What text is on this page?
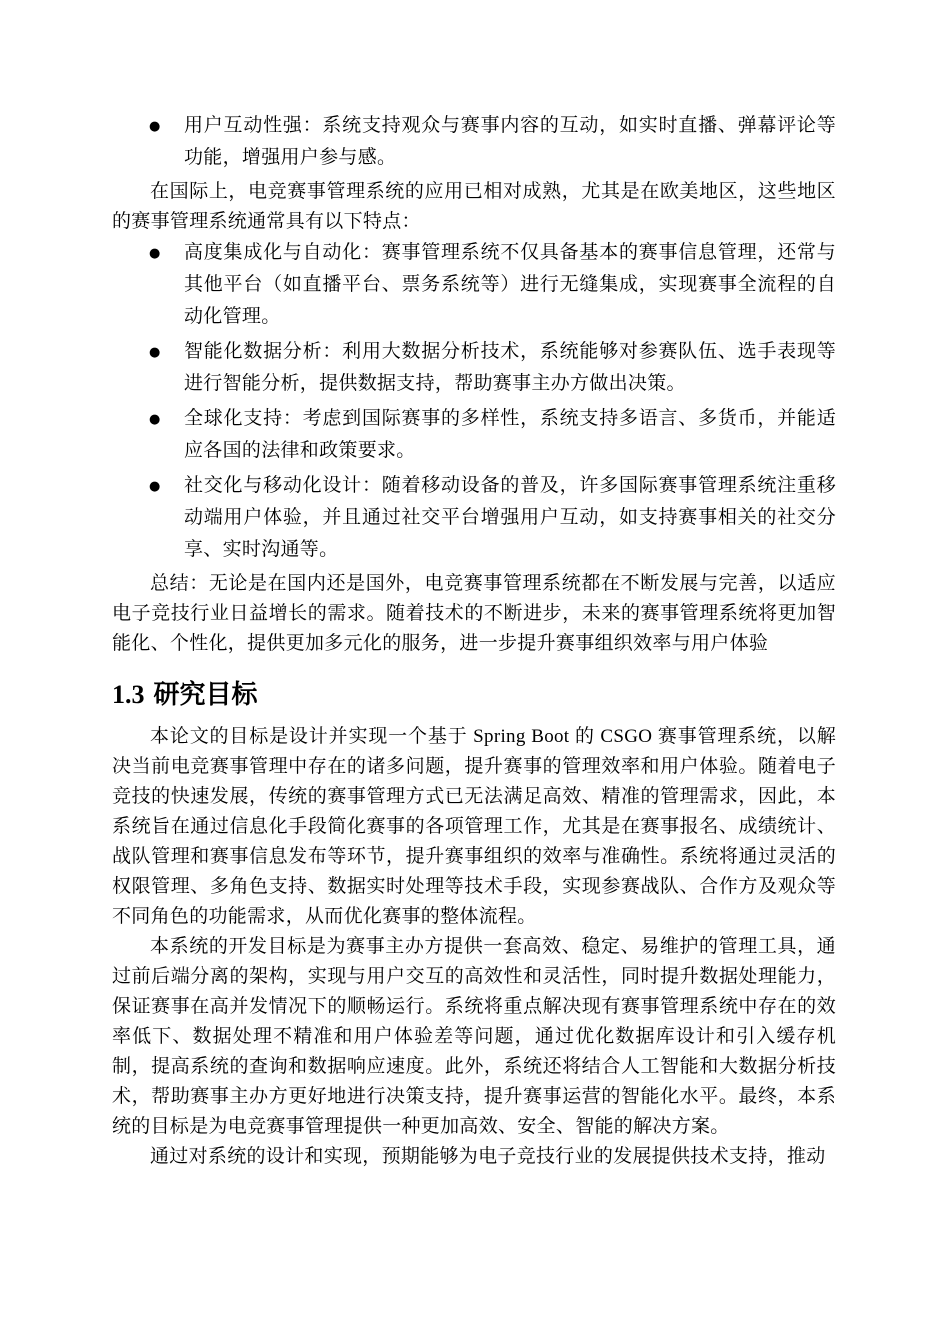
● 用户互动性强：系统支持观众与赛事内容的互动，如实时直播、弹幕评论等功能，增强用户参与感。

在国际上，电竞赛事管理系统的应用已相对成熟，尤其是在欧美地区，这些地区的赛事管理系统通常具有以下特点：

● 高度集成化与自动化：赛事管理系统不仅具备基本的赛事信息管理，还常与其他平台（如直播平台、票务系统等）进行无缝集成，实现赛事全流程的自动化管理。
● 智能化数据分析：利用大数据分析技术，系统能够对参赛队伍、选手表现等进行智能分析，提供数据支持，帮助赛事主办方做出决策。
● 全球化支持：考虑到国际赛事的多样性，系统支持多语言、多货币，并能适应各国的法律和政策要求。
● 社交化与移动化设计：随着移动设备的普及，许多国际赛事管理系统注重移动端用户体验，并且通过社交平台增强用户互动，如支持赛事相关的社交分享、实时沟通等。

总结：无论是在国内还是国外，电竞赛事管理系统都在不断发展与完善，以适应电子竞技行业日益增长的需求。随着技术的不断进步，未来的赛事管理系统将更加智能化、个性化，提供更加多元化的服务，进一步提升赛事组织效率与用户体验

1.3 研究目标

本论文的目标是设计并实现一个基于 Spring Boot 的 CSGO 赛事管理系统，以解决当前电竞赛事管理中存在的诸多问题，提升赛事的管理效率和用户体验。随着电子竞技的快速发展，传统的赛事管理方式已无法满足高效、精准的管理需求，因此，本系统旨在通过信息化手段简化赛事的各项管理工作，尤其是在赛事报名、成绩统计、战队管理和赛事信息发布等环节，提升赛事组织的效率与准确性。系统将通过灵活的权限管理、多角色支持、数据实时处理等技术手段，实现参赛战队、合作方及观众等不同角色的功能需求，从而优化赛事的整体流程。

本系统的开发目标是为赛事主办方提供一套高效、稳定、易维护的管理工具，通过前后端分离的架构，实现与用户交互的高效性和灵活性，同时提升数据处理能力，保证赛事在高并发情况下的顺畅运行。系统将重点解决现有赛事管理系统中存在的效率低下、数据处理不精准和用户体验差等问题，通过优化数据库设计和引入缓存机制，提高系统的查询和数据响应速度。此外，系统还将结合人工智能和大数据分析技术，帮助赛事主办方更好地进行决策支持，提升赛事运营的智能化水平。最终，本系统的目标是为电竞赛事管理提供一种更加高效、安全、智能的解决方案。

通过对系统的设计和实现，预期能够为电子竞技行业的发展提供技术支持，推动
